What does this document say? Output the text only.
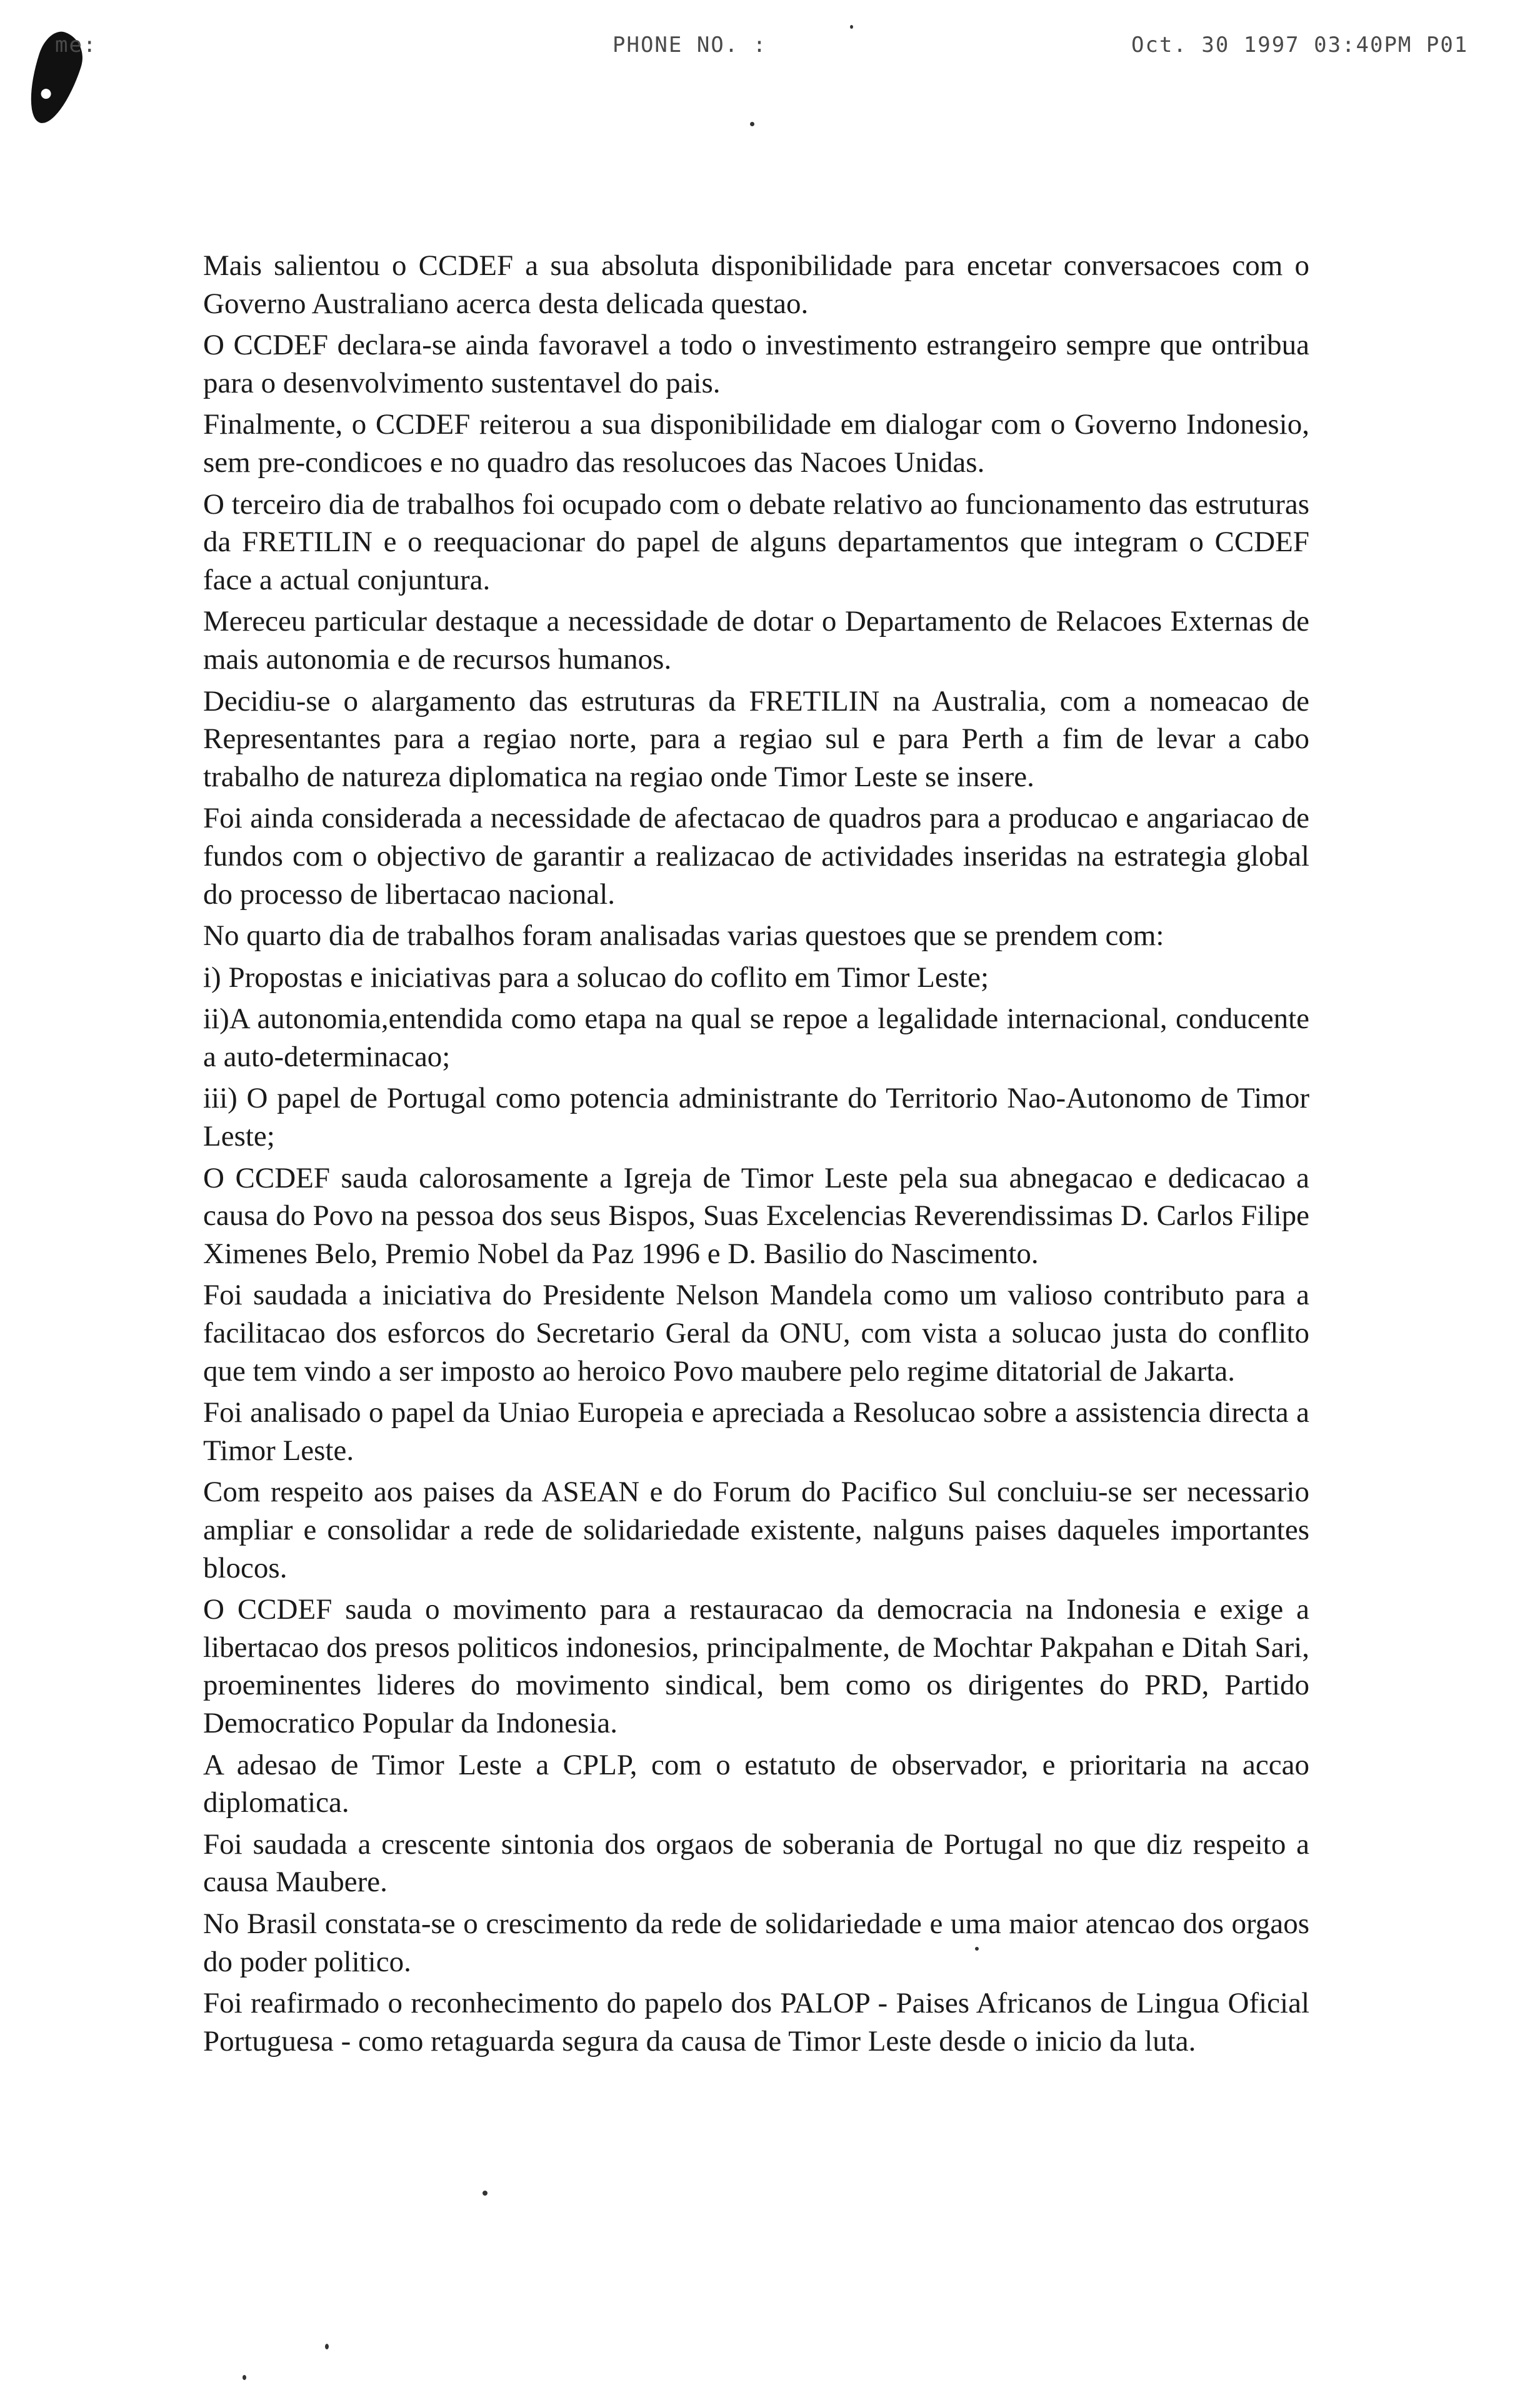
me:	PHONE NO. :	Oct. 30 1997 03:40PM P01

Mais salientou o CCDEF a sua absoluta disponibilidade para encetar conversacoes com o Governo Australiano acerca desta delicada questao.

O CCDEF declara-se ainda favoravel a todo o investimento estrangeiro sempre que ontribua para o desenvolvimento sustentavel do pais.

Finalmente, o CCDEF reiterou a sua disponibilidade em dialogar com o Governo Indonesio, sem pre-condicoes e no quadro das resolucoes das Nacoes Unidas.

O terceiro dia de trabalhos foi ocupado com o debate relativo ao funcionamento das estruturas da FRETILIN e o reequacionar do papel de alguns departamentos que integram o CCDEF face a actual conjuntura.

Mereceu particular destaque a necessidade de dotar o Departamento de Relacoes Externas de mais autonomia e de recursos humanos.

Decidiu-se o alargamento das estruturas da FRETILIN na Australia, com a nomeacao de Representantes para a regiao norte, para a regiao sul e para Perth a fim de levar a cabo trabalho de natureza diplomatica na regiao onde Timor Leste se insere.

Foi ainda considerada a necessidade de afectacao de quadros para a producao e angariacao de fundos com o objectivo de garantir a realizacao de actividades inseridas na estrategia global do processo de libertacao nacional.

No quarto dia de trabalhos foram analisadas varias questoes que se prendem com:

i) Propostas e iniciativas para a solucao do coflito em Timor Leste;

ii)A autonomia,entendida como etapa na qual se repoe a legalidade internacional, conducente a auto-determinacao;

iii) O papel de Portugal como potencia administrante do Territorio Nao-Autonomo de Timor Leste;

O CCDEF sauda calorosamente a Igreja de Timor Leste pela sua abnegacao e dedicacao a causa do Povo na pessoa dos seus Bispos, Suas Excelencias Reverendissimas D. Carlos Filipe Ximenes Belo, Premio Nobel da Paz 1996 e D. Basilio do Nascimento.

Foi saudada a iniciativa do Presidente Nelson Mandela como um valioso contributo para a facilitacao dos esforcos do Secretario Geral da ONU, com vista a solucao justa do conflito que tem vindo a ser imposto ao heroico Povo maubere pelo regime ditatorial de Jakarta.

Foi analisado o papel da Uniao Europeia e apreciada a Resolucao sobre a assistencia directa a Timor Leste.

Com respeito aos paises da ASEAN e do Forum do Pacifico Sul concluiu-se ser necessario ampliar e consolidar a rede de solidariedade existente, nalguns paises daqueles importantes blocos.

O CCDEF sauda o movimento para a restauracao da democracia na Indonesia e exige a libertacao dos presos politicos indonesios, principalmente, de Mochtar Pakpahan e Ditah Sari, proeminentes lideres do movimento sindical, bem como os dirigentes do PRD, Partido Democratico Popular da Indonesia.

A adesao de Timor Leste a CPLP, com o estatuto de observador, e prioritaria na accao diplomatica.

Foi saudada a crescente sintonia dos orgaos de soberania de Portugal no que diz respeito a causa Maubere.

No Brasil constata-se o crescimento da rede de solidariedade e uma maior atencao dos orgaos do poder politico.

Foi reafirmado o reconhecimento do papelo dos PALOP - Paises Africanos de Lingua Oficial Portuguesa - como retaguarda segura da causa de Timor Leste desde o inicio da luta.
